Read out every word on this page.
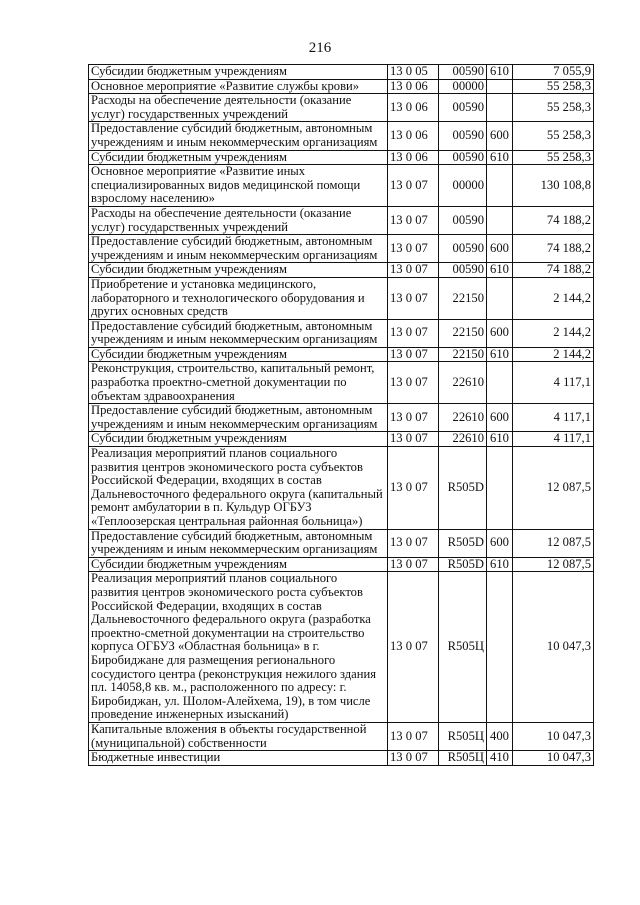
216
Субсидии бюджетным учреждениям	13 0 05	00590	610	7 055,9
Основное мероприятие «Развитие службы крови»	13 0 06	00000		55 258,3
Расходы на обеспечение деятельности (оказание услуг) государственных учреждений	13 0 06	00590		55 258,3
Предоставление субсидий бюджетным, автономным учреждениям и иным некоммерческим организациям	13 0 06	00590	600	55 258,3
Субсидии бюджетным учреждениям	13 0 06	00590	610	55 258,3
Основное мероприятие «Развитие иных специализированных видов медицинской помощи взрослому населению»	13 0 07	00000		130 108,8
Расходы на обеспечение деятельности (оказание услуг) государственных учреждений	13 0 07	00590		74 188,2
Предоставление субсидий бюджетным, автономным учреждениям и иным некоммерческим организациям	13 0 07	00590	600	74 188,2
Субсидии бюджетным учреждениям	13 0 07	00590	610	74 188,2
Приобретение и установка медицинского, лабораторного и технологического оборудования и других основных средств	13 0 07	22150		2 144,2
Предоставление субсидий бюджетным, автономным учреждениям и иным некоммерческим организациям	13 0 07	22150	600	2 144,2
Субсидии бюджетным учреждениям	13 0 07	22150	610	2 144,2
Реконструкция, строительство, капитальный ремонт, разработка проектно-сметной документации по объектам здравоохранения	13 0 07	22610		4 117,1
Предоставление субсидий бюджетным, автономным учреждениям и иным некоммерческим организациям	13 0 07	22610	600	4 117,1
Субсидии бюджетным учреждениям	13 0 07	22610	610	4 117,1
Реализация мероприятий планов социального развития центров экономического роста субъектов Российской Федерации, входящих в состав Дальневосточного федерального округа (капитальный ремонт амбулатории в п. Кульдур ОГБУЗ «Теплоозерская центральная районная больница»)	13 0 07	R505D		12 087,5
Предоставление субсидий бюджетным, автономным учреждениям и иным некоммерческим организациям	13 0 07	R505D	600	12 087,5
Субсидии бюджетным учреждениям	13 0 07	R505D	610	12 087,5
Реализация мероприятий планов социального развития центров экономического роста субъектов Российской Федерации, входящих в состав Дальневосточного федерального округа (разработка проектно-сметной документации на строительство корпуса ОГБУЗ «Областная больница» в г. Биробиджане для размещения регионального сосудистого центра (реконструкция нежилого здания пл. 14058,8 кв. м., расположенного по адресу: г. Биробиджан, ул. Шолом-Алейхема, 19), в том числе проведение инженерных изысканий)	13 0 07	R505Ц		10 047,3
Капитальные вложения в объекты государственной (муниципальной) собственности	13 0 07	R505Ц	400	10 047,3
Бюджетные инвестиции	13 0 07	R505Ц	410	10 047,3
